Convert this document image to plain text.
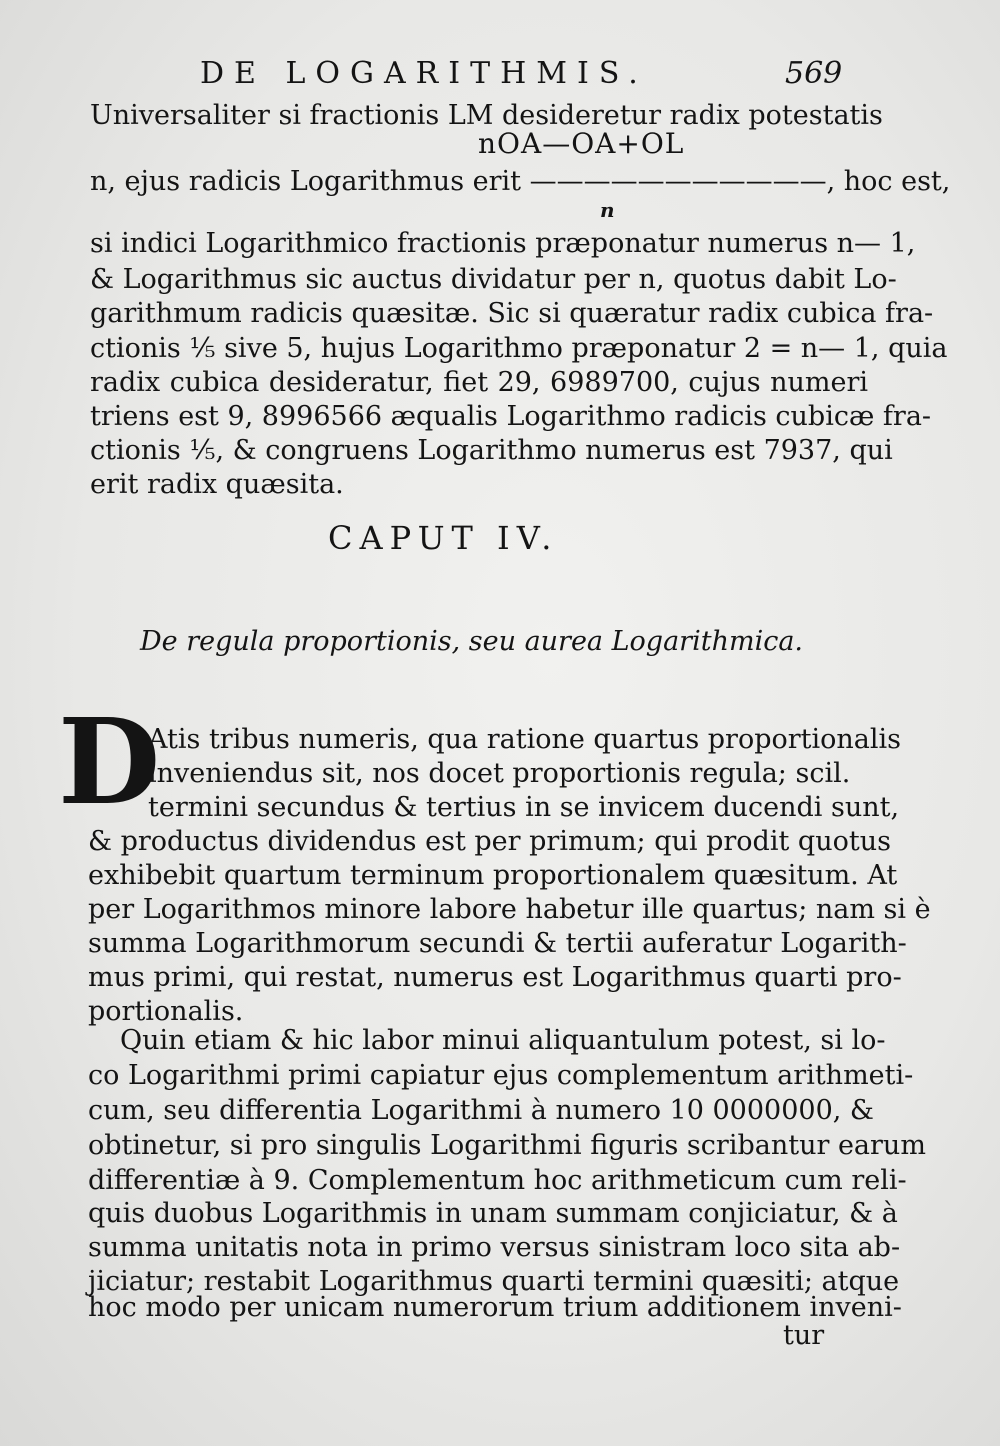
DE LOGARITHMIS.	569
Universaliter si fractionis LM desideretur radix potestatis
nOA—OA+OL
n, ejus radicis Logarithmus erit ———————————, hoc est,
n
si indici Logarithmico fractionis præponatur numerus n— 1,
& Logarithmus sic auctus dividatur per n, quotus dabit Lo-
garithmum radicis quæsitæ. Sic si quæratur radix cubica fra-
ctionis ⅕ sive 5, hujus Logarithmo præponatur 2 = n— 1, quia
radix cubica desideratur, fiet 29, 6989700, cujus numeri
triens est 9, 8996566 æqualis Logarithmo radicis cubicæ fra-
ctionis ⅕, & congruens Logarithmo numerus est 7937, qui
erit radix quæsita.
CAPUT IV.
De regula proportionis, seu aurea Logarithmica.
D
Atis tribus numeris, qua ratione quartus proportionalis
inveniendus sit, nos docet proportionis regula; scil.
termini secundus & tertius in se invicem ducendi sunt,
& productus dividendus est per primum; qui prodit quotus
exhibebit quartum terminum proportionalem quæsitum. At
per Logarithmos minore labore habetur ille quartus; nam si è
summa Logarithmorum secundi & tertii auferatur Logarith-
mus primi, qui restat, numerus est Logarithmus quarti pro-
portionalis.
Quin etiam & hic labor minui aliquantulum potest, si lo-
co Logarithmi primi capiatur ejus complementum arithmeti-
cum, seu differentia Logarithmi à numero 10 0000000, &
obtinetur, si pro singulis Logarithmi figuris scribantur earum
differentiæ à 9. Complementum hoc arithmeticum cum reli-
quis duobus Logarithmis in unam summam conjiciatur, & à
summa unitatis nota in primo versus sinistram loco sita ab-
jiciatur; restabit Logarithmus quarti termini quæsiti; atque
hoc modo per unicam numerorum trium additionem inveni-
tur
